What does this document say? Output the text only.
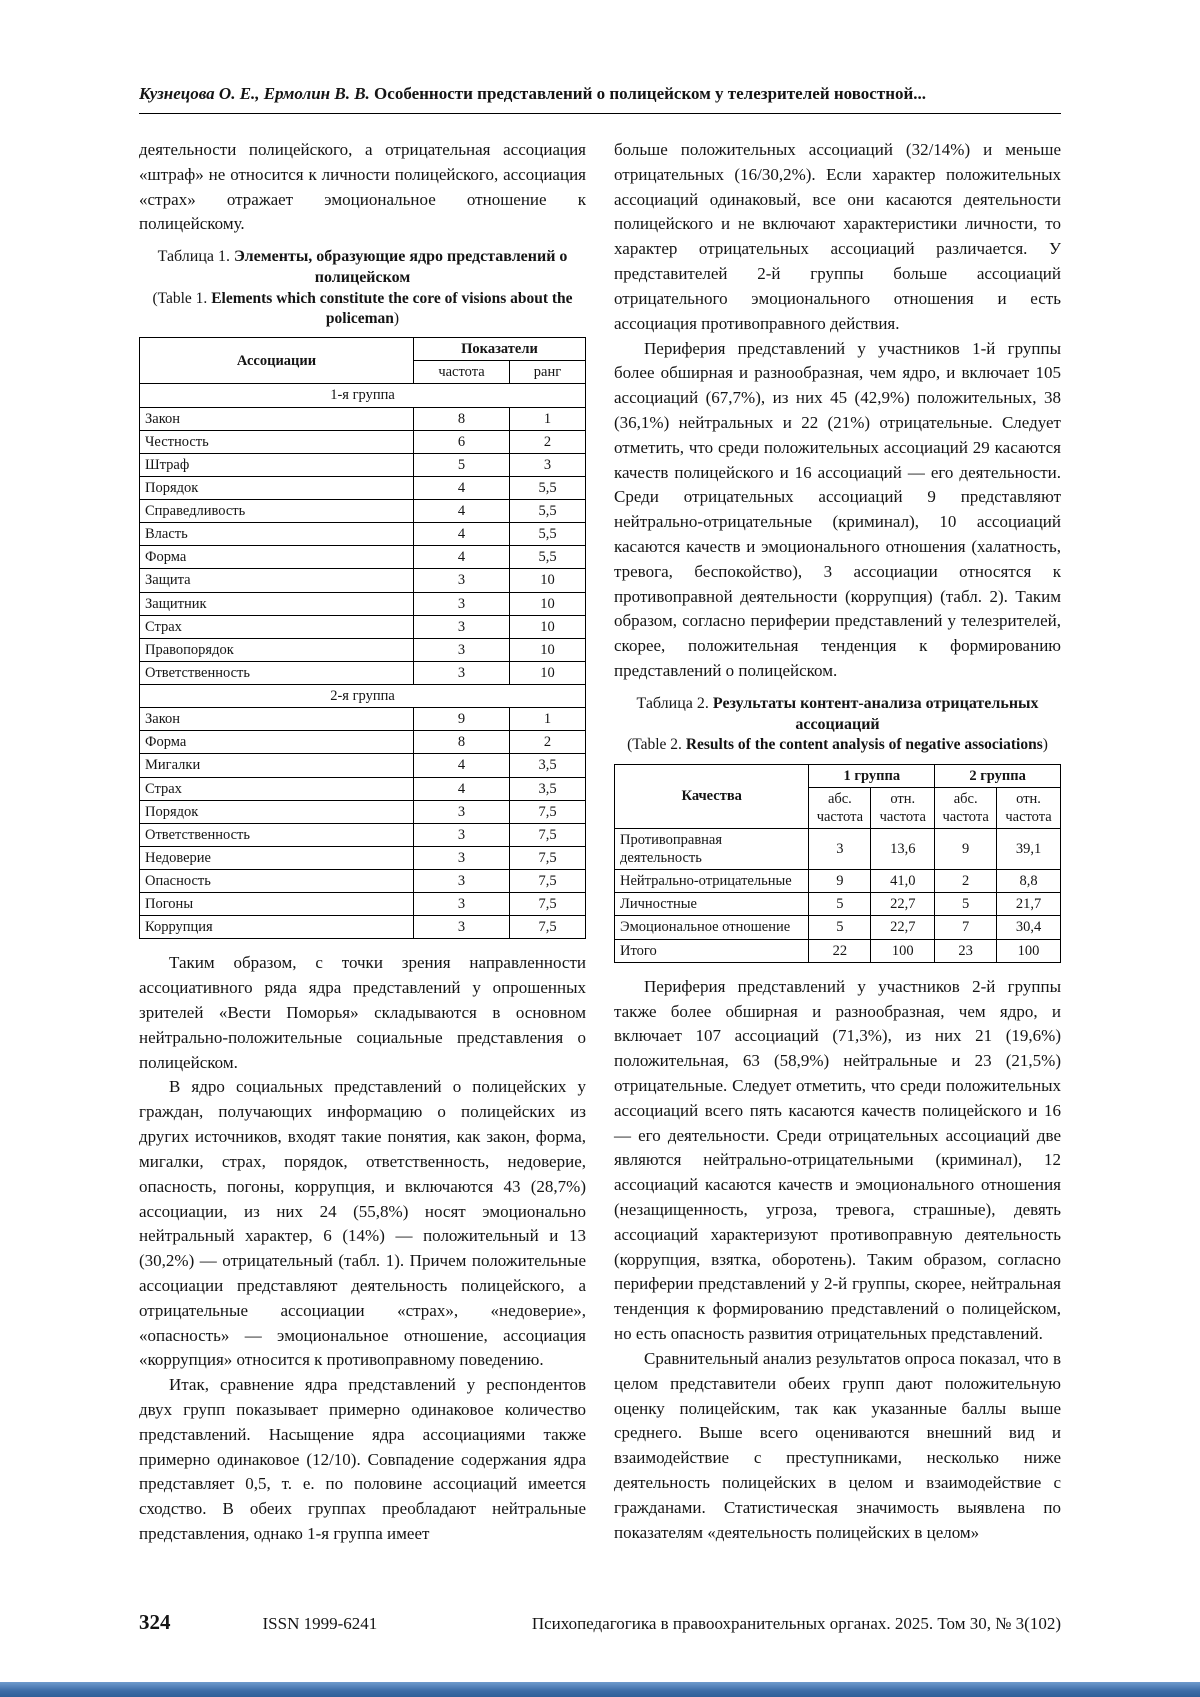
Кузнецова О. Е., Ермолин В. В. Особенности представлений о полицейском у телезрителей новостной...

деятельности полицейского, а отрицательная ассоциация «штраф» не относится к личности полицейского, ассоциация «страх» отражает эмоциональное отношение к полицейскому.

Таблица 1. Элементы, образующие ядро представлений о полицейском
(Table 1. Elements which constitute the core of visions about the policeman)
Ассоциации	Показатели	
	частота	ранг
1-я группа		
Закон	8	1
Честность	6	2
Штраф	5	3
Порядок	4	5,5
Справедливость	4	5,5
Власть	4	5,5
Форма	4	5,5
Защита	3	10
Защитник	3	10
Страх	3	10
Правопорядок	3	10
Ответственность	3	10
2-я группа		
Закон	9	1
Форма	8	2
Мигалки	4	3,5
Страх	4	3,5
Порядок	3	7,5
Ответственность	3	7,5
Недоверие	3	7,5
Опасность	3	7,5
Погоны	3	7,5
Коррупция	3	7,5

Таким образом, с точки зрения направленности ассоциативного ряда ядра представлений у опрошенных зрителей «Вести Поморья» складываются в основном нейтрально-положительные социальные представления о полицейском.

В ядро социальных представлений о полицейских у граждан, получающих информацию о полицейских из других источников, входят такие понятия, как закон, форма, мигалки, страх, порядок, ответственность, недоверие, опасность, погоны, коррупция, и включаются 43 (28,7%) ассоциации, из них 24 (55,8%) носят эмоционально нейтральный характер, 6 (14%) — положительный и 13 (30,2%) — отрицательный (табл. 1). Причем положительные ассоциации представляют деятельность полицейского, а отрицательные ассоциации «страх», «недоверие», «опасность» — эмоциональное отношение, ассоциация «коррупция» относится к противоправному поведению.

Итак, сравнение ядра представлений у респондентов двух групп показывает примерно одинаковое количество представлений. Насыщение ядра ассоциациями также примерно одинаковое (12/10). Совпадение содержания ядра представляет 0,5, т. е. по половине ассоциаций имеется сходство. В обеих группах преобладают нейтральные представления, однако 1-я группа имеет

больше положительных ассоциаций (32/14%) и меньше отрицательных (16/30,2%). Если характер положительных ассоциаций одинаковый, все они касаются деятельности полицейского и не включают характеристики личности, то характер отрицательных ассоциаций различается. У представителей 2-й группы больше ассоциаций отрицательного эмоционального отношения и есть ассоциация противоправного действия.

Периферия представлений у участников 1-й группы более обширная и разнообразная, чем ядро, и включает 105 ассоциаций (67,7%), из них 45 (42,9%) положительных, 38 (36,1%) нейтральных и 22 (21%) отрицательные. Следует отметить, что среди положительных ассоциаций 29 касаются качеств полицейского и 16 ассоциаций — его деятельности. Среди отрицательных ассоциаций 9 представляют нейтрально-отрицательные (криминал), 10 ассоциаций касаются качеств и эмоционального отношения (халатность, тревога, беспокойство), 3 ассоциации относятся к противоправной деятельности (коррупция) (табл. 2). Таким образом, согласно периферии представлений у телезрителей, скорее, положительная тенденция к формированию представлений о полицейском.

Таблица 2. Результаты контент-анализа отрицательных ассоциаций
(Table 2. Results of the content analysis of negative associations)
Качества	1 группа		2 группа	
	абс. частота	отн. частота	абс. частота	отн. частота
Противоправная деятельность	3	13,6	9	39,1
Нейтрально-отрицательные	9	41,0	2	8,8
Личностные	5	22,7	5	21,7
Эмоциональное отношение	5	22,7	7	30,4
Итого	22	100	23	100

Периферия представлений у участников 2-й группы также более обширная и разнообразная, чем ядро, и включает 107 ассоциаций (71,3%), из них 21 (19,6%) положительная, 63 (58,9%) нейтральные и 23 (21,5%) отрицательные. Следует отметить, что среди положительных ассоциаций всего пять касаются качеств полицейского и 16 — его деятельности. Среди отрицательных ассоциаций две являются нейтрально-отрицательными (криминал), 12 ассоциаций касаются качеств и эмоционального отношения (незащищенность, угроза, тревога, страшные), девять ассоциаций характеризуют противоправную деятельность (коррупция, взятка, оборотень). Таким образом, согласно периферии представлений у 2-й группы, скорее, нейтральная тенденция к формированию представлений о полицейском, но есть опасность развития отрицательных представлений.

Сравнительный анализ результатов опроса показал, что в целом представители обеих групп дают положительную оценку полицейским, так как указанные баллы выше среднего. Выше всего оцениваются внешний вид и взаимодействие с преступниками, несколько ниже деятельность полицейских в целом и взаимодействие с гражданами. Статистическая значимость выявлена по показателям «деятельность полицейских в целом»

324	ISSN 1999-6241	Психопедагогика в правоохранительных органах. 2025. Том 30, № 3(102)
